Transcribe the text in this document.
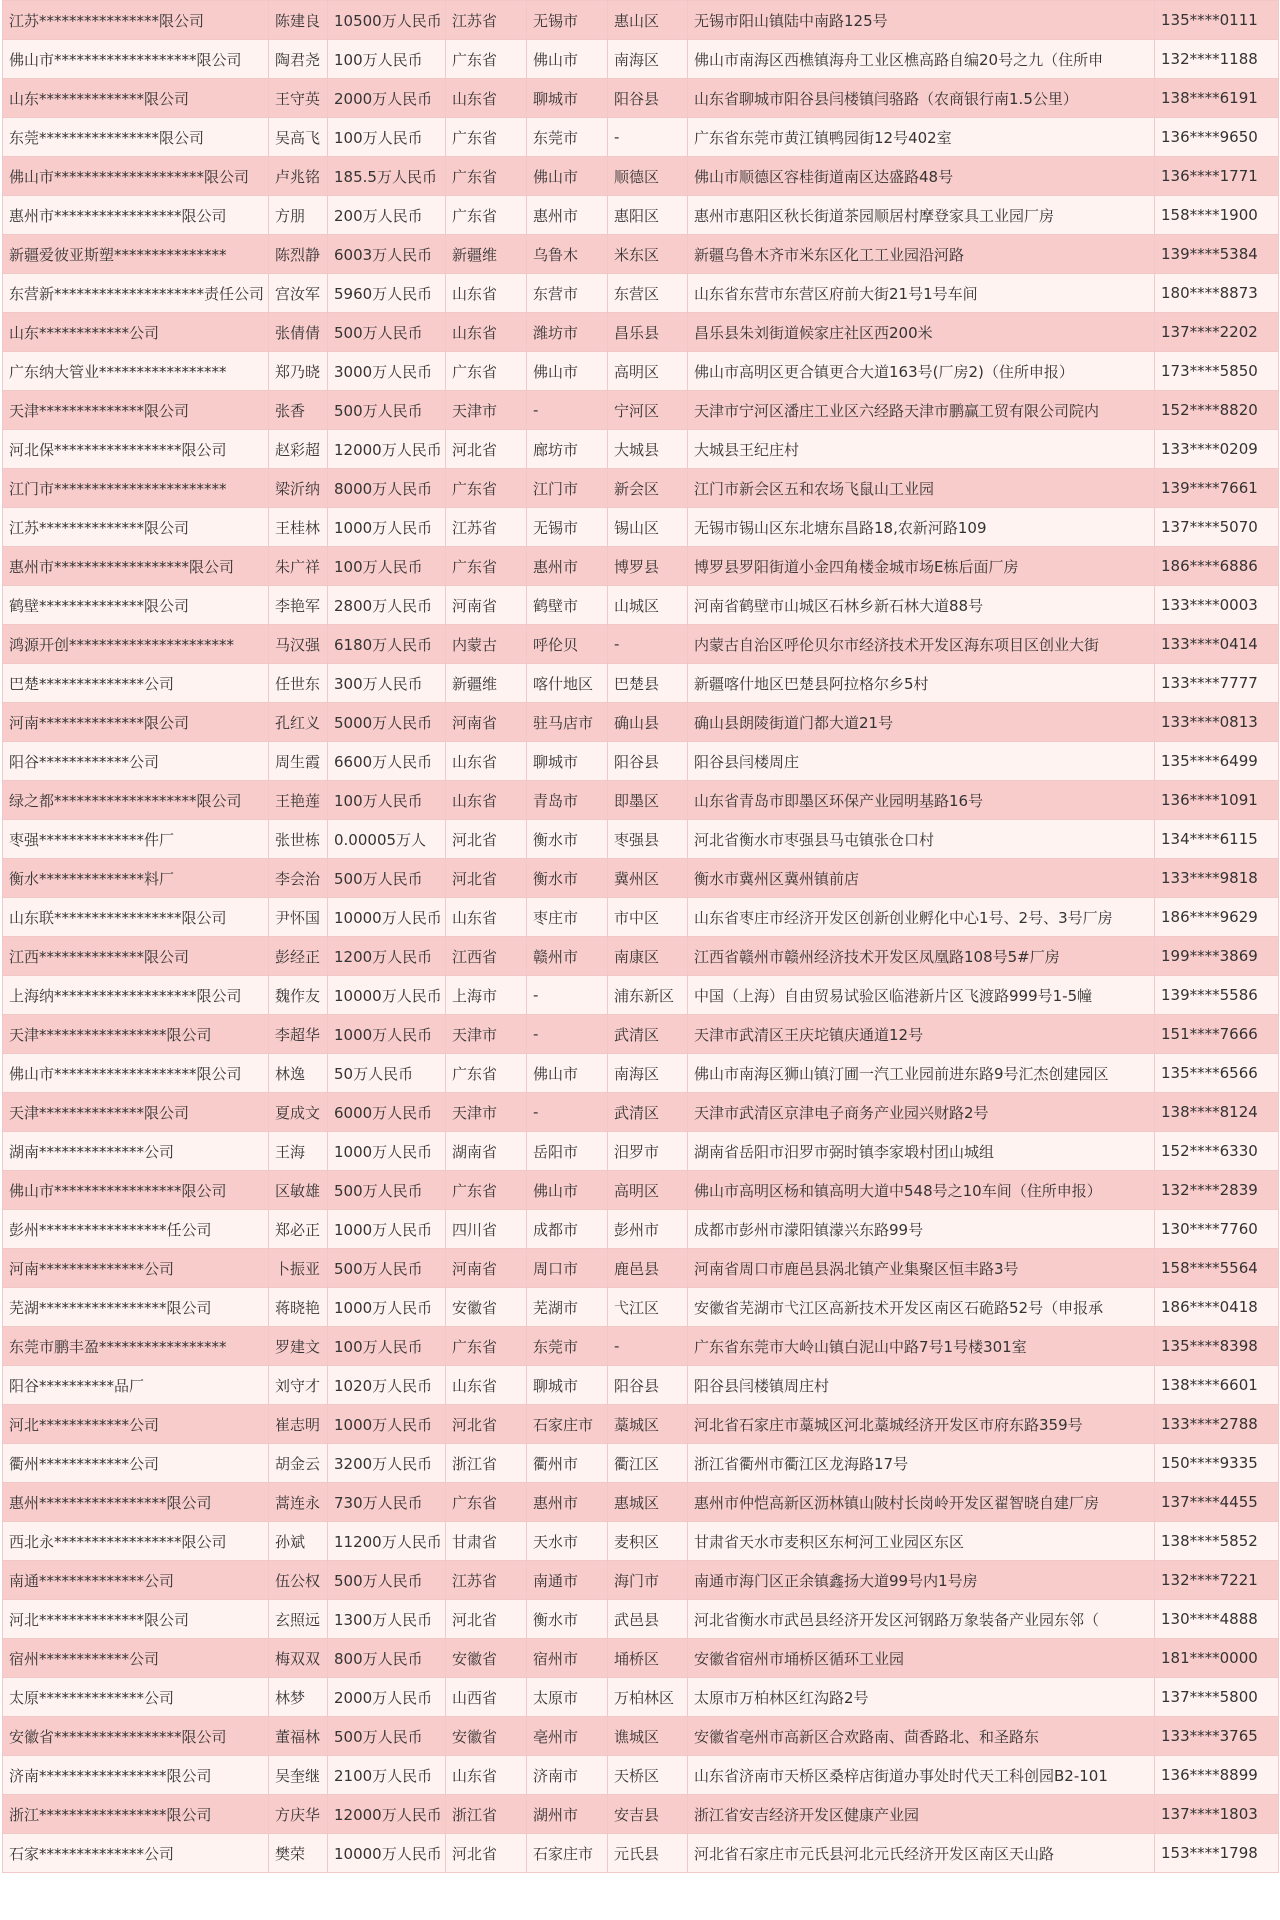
江苏****************限公司	陈建良	10500万人民币	江苏省	无锡市	惠山区	无锡市阳山镇陆中南路125号	135****0111
佛山市*******************限公司	陶君尧	100万人民币	广东省	佛山市	南海区	佛山市南海区西樵镇海舟工业区樵高路自编20号之九（住所申	132****1188
山东**************限公司	王守英	2000万人民币	山东省	聊城市	阳谷县	山东省聊城市阳谷县闫楼镇闫骆路（农商银行南1.5公里）	138****6191
东莞****************限公司	吴高飞	100万人民币	广东省	东莞市	-	广东省东莞市黄江镇鸭园街12号402室	136****9650
佛山市********************限公司	卢兆铭	185.5万人民币	广东省	佛山市	顺德区	佛山市顺德区容桂街道南区达盛路48号	136****1771
惠州市*****************限公司	方朋	200万人民币	广东省	惠州市	惠阳区	惠州市惠阳区秋长街道茶园顺居村摩登家具工业园厂房	158****1900
新疆爱彼亚斯塑***************	陈烈静	6003万人民币	新疆维	乌鲁木	米东区	新疆乌鲁木齐市米东区化工工业园沿河路	139****5384
东营新********************责任公司	宫汝军	5960万人民币	山东省	东营市	东营区	山东省东营市东营区府前大街21号1号车间	180****8873
山东************公司	张倩倩	500万人民币	山东省	潍坊市	昌乐县	昌乐县朱刘街道候家庄社区西200米	137****2202
广东纳大管业*****************	郑乃晓	3000万人民币	广东省	佛山市	高明区	佛山市高明区更合镇更合大道163号(厂房2)（住所申报）	173****5850
天津**************限公司	张香	500万人民币	天津市	-	宁河区	天津市宁河区潘庄工业区六经路天津市鹏赢工贸有限公司院内	152****8820
河北保*****************限公司	赵彩超	12000万人民币	河北省	廊坊市	大城县	大城县王纪庄村	133****0209
江门市***********************	梁沂纳	8000万人民币	广东省	江门市	新会区	江门市新会区五和农场飞鼠山工业园	139****7661
江苏**************限公司	王桂林	1000万人民币	江苏省	无锡市	锡山区	无锡市锡山区东北塘东昌路18,农新河路109	137****5070
惠州市******************限公司	朱广祥	100万人民币	广东省	惠州市	博罗县	博罗县罗阳街道小金四角楼金城市场E栋后面厂房	186****6886
鹤壁**************限公司	李艳军	2800万人民币	河南省	鹤壁市	山城区	河南省鹤壁市山城区石林乡新石林大道88号	133****0003
鸿源开创**********************	马汉强	6180万人民币	内蒙古	呼伦贝	-	内蒙古自治区呼伦贝尔市经济技术开发区海东项目区创业大街	133****0414
巴楚**************公司	任世东	300万人民币	新疆维	喀什地区	巴楚县	新疆喀什地区巴楚县阿拉格尔乡5村	133****7777
河南**************限公司	孔红义	5000万人民币	河南省	驻马店市	确山县	确山县朗陵街道门都大道21号	133****0813
阳谷************公司	周生霞	6600万人民币	山东省	聊城市	阳谷县	阳谷县闫楼周庄	135****6499
绿之都*******************限公司	王艳莲	100万人民币	山东省	青岛市	即墨区	山东省青岛市即墨区环保产业园明基路16号	136****1091
枣强**************件厂	张世栋	0.00005万人	河北省	衡水市	枣强县	河北省衡水市枣强县马屯镇张仓口村	134****6115
衡水**************料厂	李会治	500万人民币	河北省	衡水市	冀州区	衡水市冀州区冀州镇前店	133****9818
山东联*****************限公司	尹怀国	10000万人民币	山东省	枣庄市	市中区	山东省枣庄市经济开发区创新创业孵化中心1号、2号、3号厂房	186****9629
江西**************限公司	彭经正	1200万人民币	江西省	赣州市	南康区	江西省赣州市赣州经济技术开发区凤凰路108号5#厂房	199****3869
上海纳*******************限公司	魏作友	10000万人民币	上海市	-	浦东新区	中国（上海）自由贸易试验区临港新片区飞渡路999号1-5幢	139****5586
天津*****************限公司	李超华	1000万人民币	天津市	-	武清区	天津市武清区王庆坨镇庆通道12号	151****7666
佛山市*******************限公司	林逸	50万人民币	广东省	佛山市	南海区	佛山市南海区狮山镇汀圃一汽工业园前进东路9号汇杰创建园区	135****6566
天津**************限公司	夏成文	6000万人民币	天津市	-	武清区	天津市武清区京津电子商务产业园兴财路2号	138****8124
湖南**************公司	王海	1000万人民币	湖南省	岳阳市	汨罗市	湖南省岳阳市汨罗市弼时镇李家塅村团山城组	152****6330
佛山市*****************限公司	区敏雄	500万人民币	广东省	佛山市	高明区	佛山市高明区杨和镇高明大道中548号之10车间（住所申报）	132****2839
彭州*****************任公司	郑必正	1000万人民币	四川省	成都市	彭州市	成都市彭州市濛阳镇濛兴东路99号	130****7760
河南**************公司	卜振亚	500万人民币	河南省	周口市	鹿邑县	河南省周口市鹿邑县涡北镇产业集聚区恒丰路3号	158****5564
芜湖*****************限公司	蒋晓艳	1000万人民币	安徽省	芜湖市	弋江区	安徽省芜湖市弋江区高新技术开发区南区石硊路52号（申报承	186****0418
东莞市鹏丰盈*****************	罗建文	100万人民币	广东省	东莞市	-	广东省东莞市大岭山镇白泥山中路7号1号楼301室	135****8398
阳谷**********品厂	刘守才	1020万人民币	山东省	聊城市	阳谷县	阳谷县闫楼镇周庄村	138****6601
河北************公司	崔志明	1000万人民币	河北省	石家庄市	藁城区	河北省石家庄市藁城区河北藁城经济开发区市府东路359号	133****2788
衢州************公司	胡金云	3200万人民币	浙江省	衢州市	衢江区	浙江省衢州市衢江区龙海路17号	150****9335
惠州*****************限公司	蒿连永	730万人民币	广东省	惠州市	惠城区	惠州市仲恺高新区沥林镇山陂村长岗岭开发区翟智晓自建厂房	137****4455
西北永*****************限公司	孙斌	11200万人民币	甘肃省	天水市	麦积区	甘肃省天水市麦积区东柯河工业园区东区	138****5852
南通**************公司	伍公权	500万人民币	江苏省	南通市	海门市	南通市海门区正余镇鑫扬大道99号内1号房	132****7221
河北**************限公司	玄照远	1300万人民币	河北省	衡水市	武邑县	河北省衡水市武邑县经济开发区河钢路万象装备产业园东邻（	130****4888
宿州************公司	梅双双	800万人民币	安徽省	宿州市	埇桥区	安徽省宿州市埇桥区循环工业园	181****0000
太原**************公司	林梦	2000万人民币	山西省	太原市	万柏林区	太原市万柏林区红沟路2号	137****5800
安徽省*****************限公司	董福林	500万人民币	安徽省	亳州市	谯城区	安徽省亳州市高新区合欢路南、茴香路北、和圣路东	133****3765
济南*****************限公司	吴奎继	2100万人民币	山东省	济南市	天桥区	山东省济南市天桥区桑梓店街道办事处时代天工科创园B2-101	136****8899
浙江*****************限公司	方庆华	12000万人民币	浙江省	湖州市	安吉县	浙江省安吉经济开发区健康产业园	137****1803
石家**************公司	樊荣	10000万人民币	河北省	石家庄市	元氏县	河北省石家庄市元氏县河北元氏经济开发区南区天山路	153****1798
